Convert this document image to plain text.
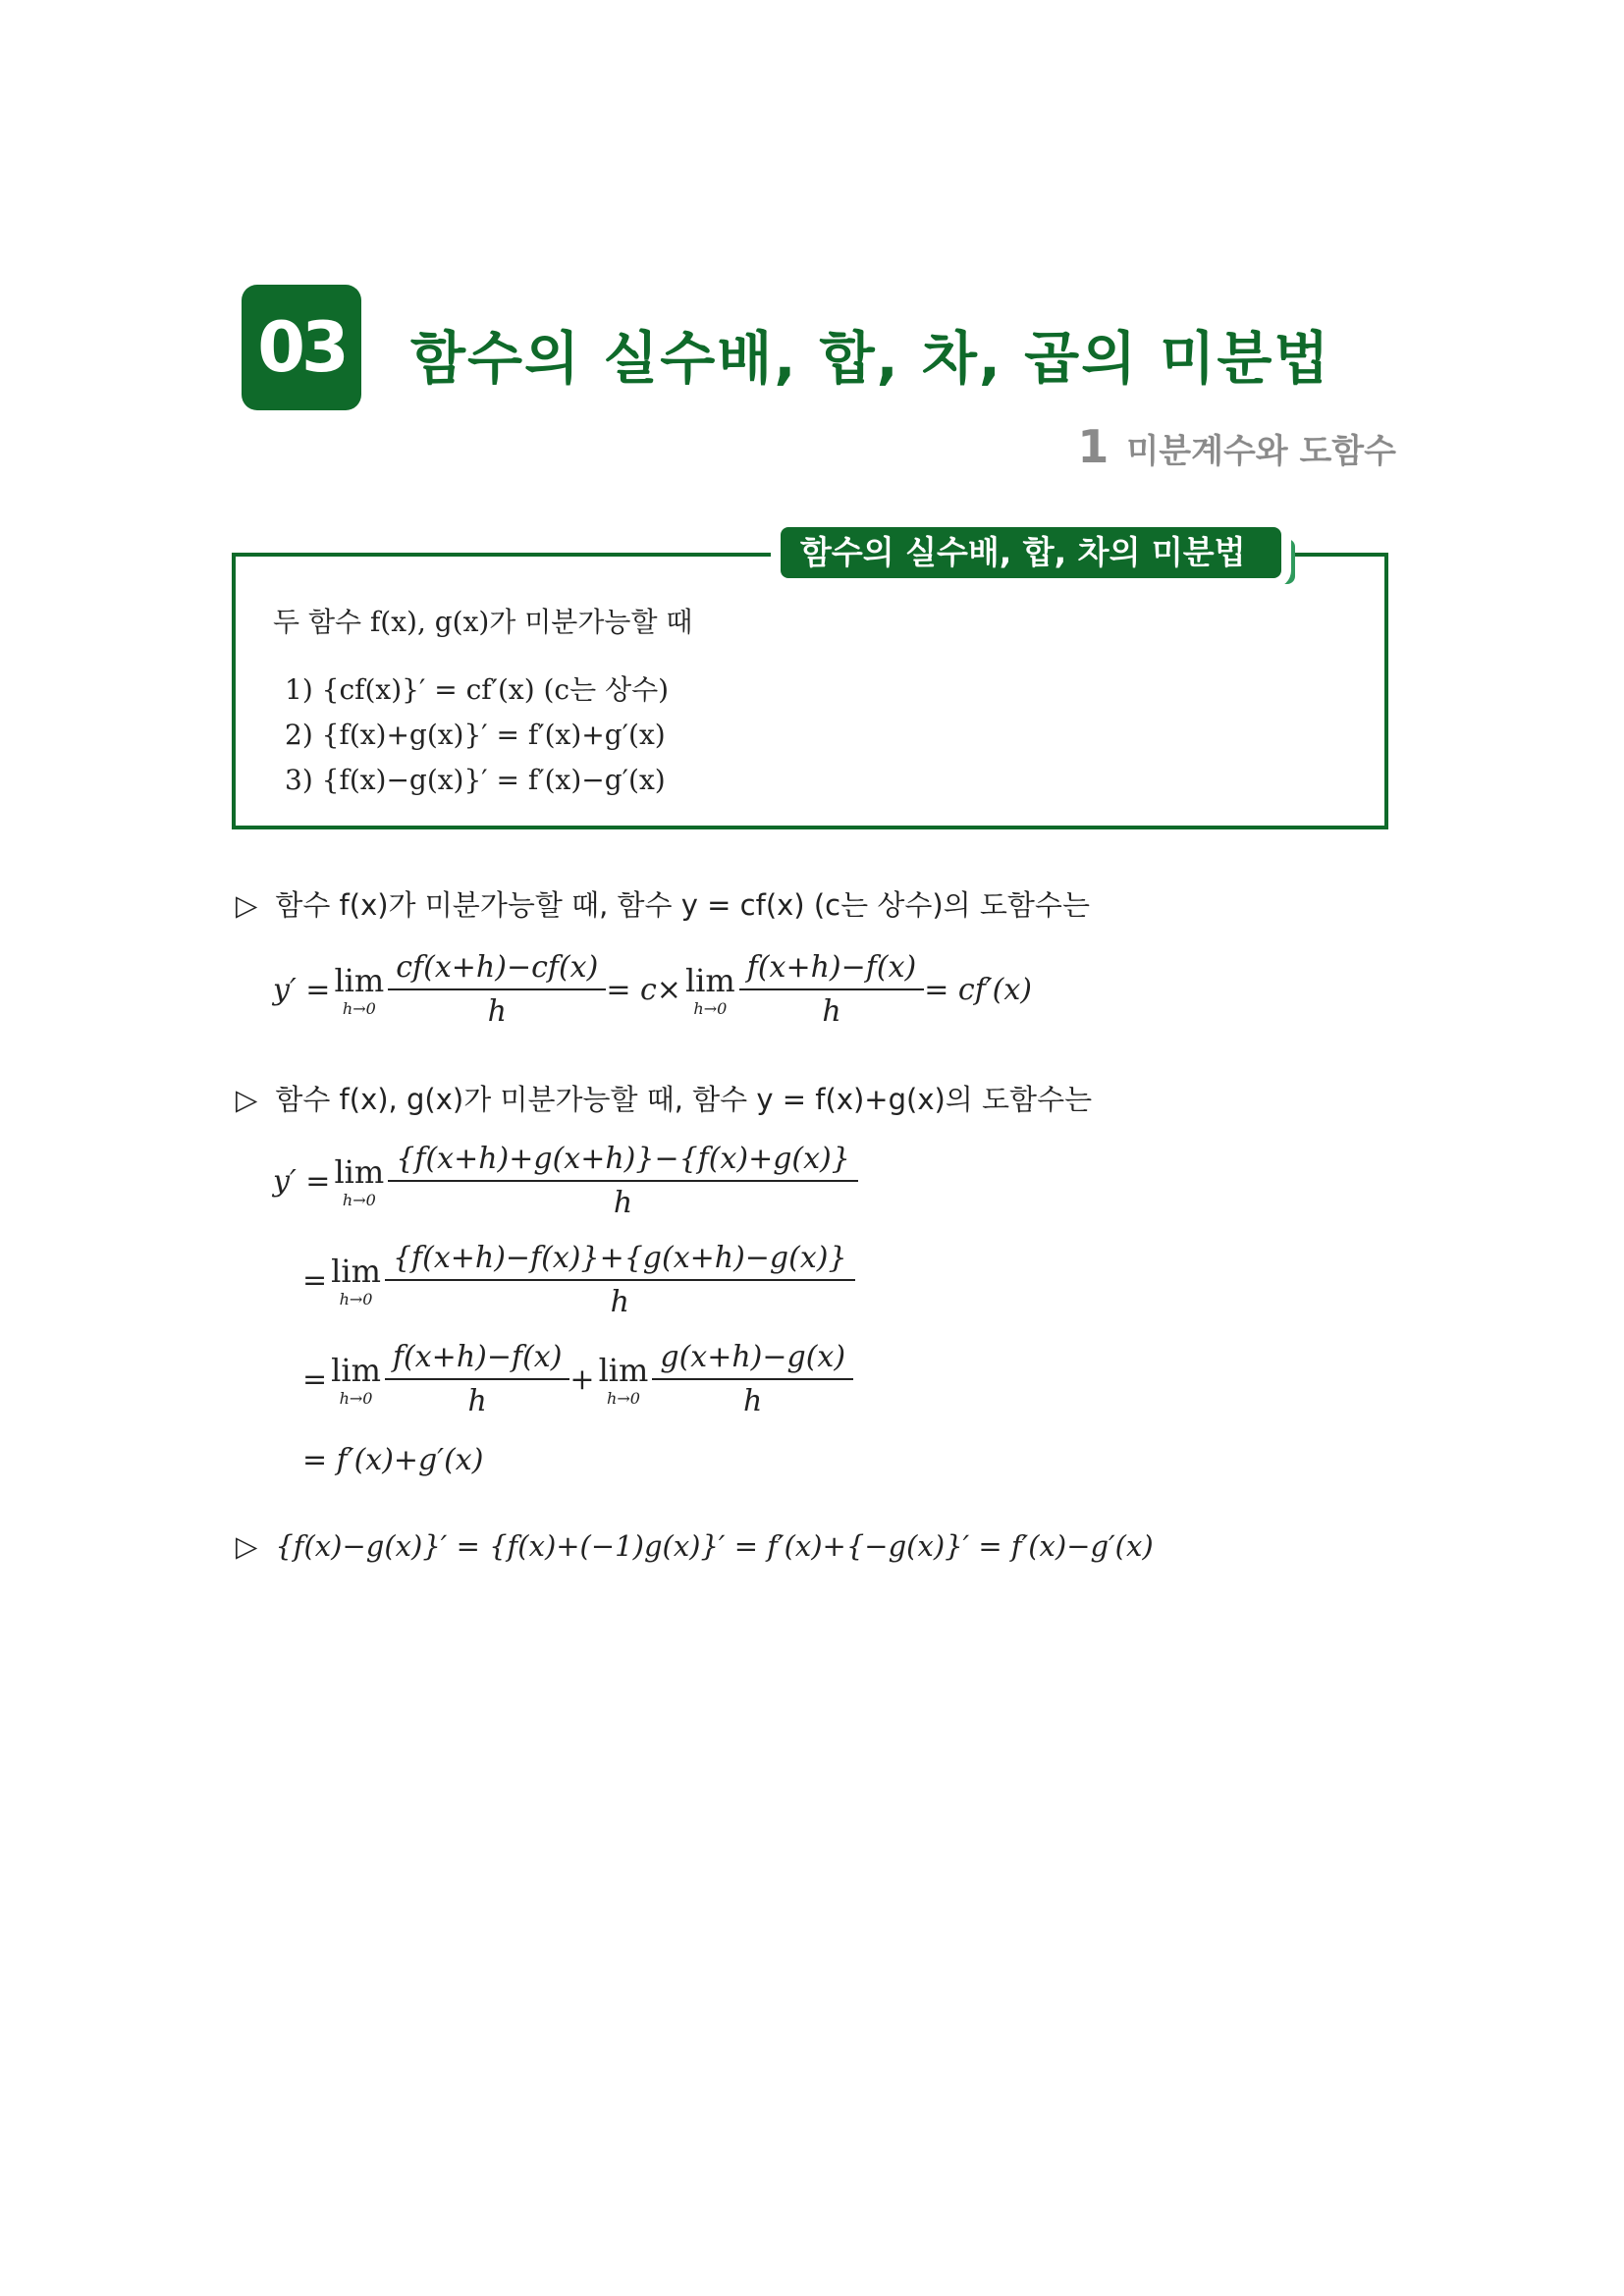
03 함수의 실수배, 합, 차, 곱의 미분법
1 미분계수와 도함수
함수의 실수배, 합, 차의 미분법
두 함수 f(x), g(x)가 미분가능할 때
1) {cf(x)}′ = cf′(x) (c는 상수)
2) {f(x)+g(x)}′ = f′(x)+g′(x)
3) {f(x)−g(x)}′ = f′(x)−g′(x)
▷ 함수 f(x)가 미분가능할 때, 함수 y = cf(x) (c는 상수)의 도함수는
y′ = lim
$h\to 0 \frac{cf(x+h)-cf(x)}{h} = c\times \lim$
$h\to 0 \frac{f(x+h)-f(x)}{h} = cf'(x)$
▷ 함수 f(x), g(x)가 미분가능할 때, 함수 y = f(x)+g(x)의 도함수는
y′ = lim
$h\to 0 \frac{\{f(x+h)+g(x+h)\}-\{f(x)+g(x)\}}{h}$
= lim
$h\to 0 \frac{\{f(x+h)-f(x)\}+\{g(x+h)-g(x)\}}{h}$
= lim
$h\to 0 \frac{f(x+h)-f(x)}{h} + \lim$
$h\to 0 \frac{g(x+h)-g(x)}{h}$
= f′(x)+g′(x)
▷ {f(x)−g(x)}′ = {f(x)+(−1)g(x)}′ = f′(x)+{−g(x)}′ = f′(x)−g′(x)
